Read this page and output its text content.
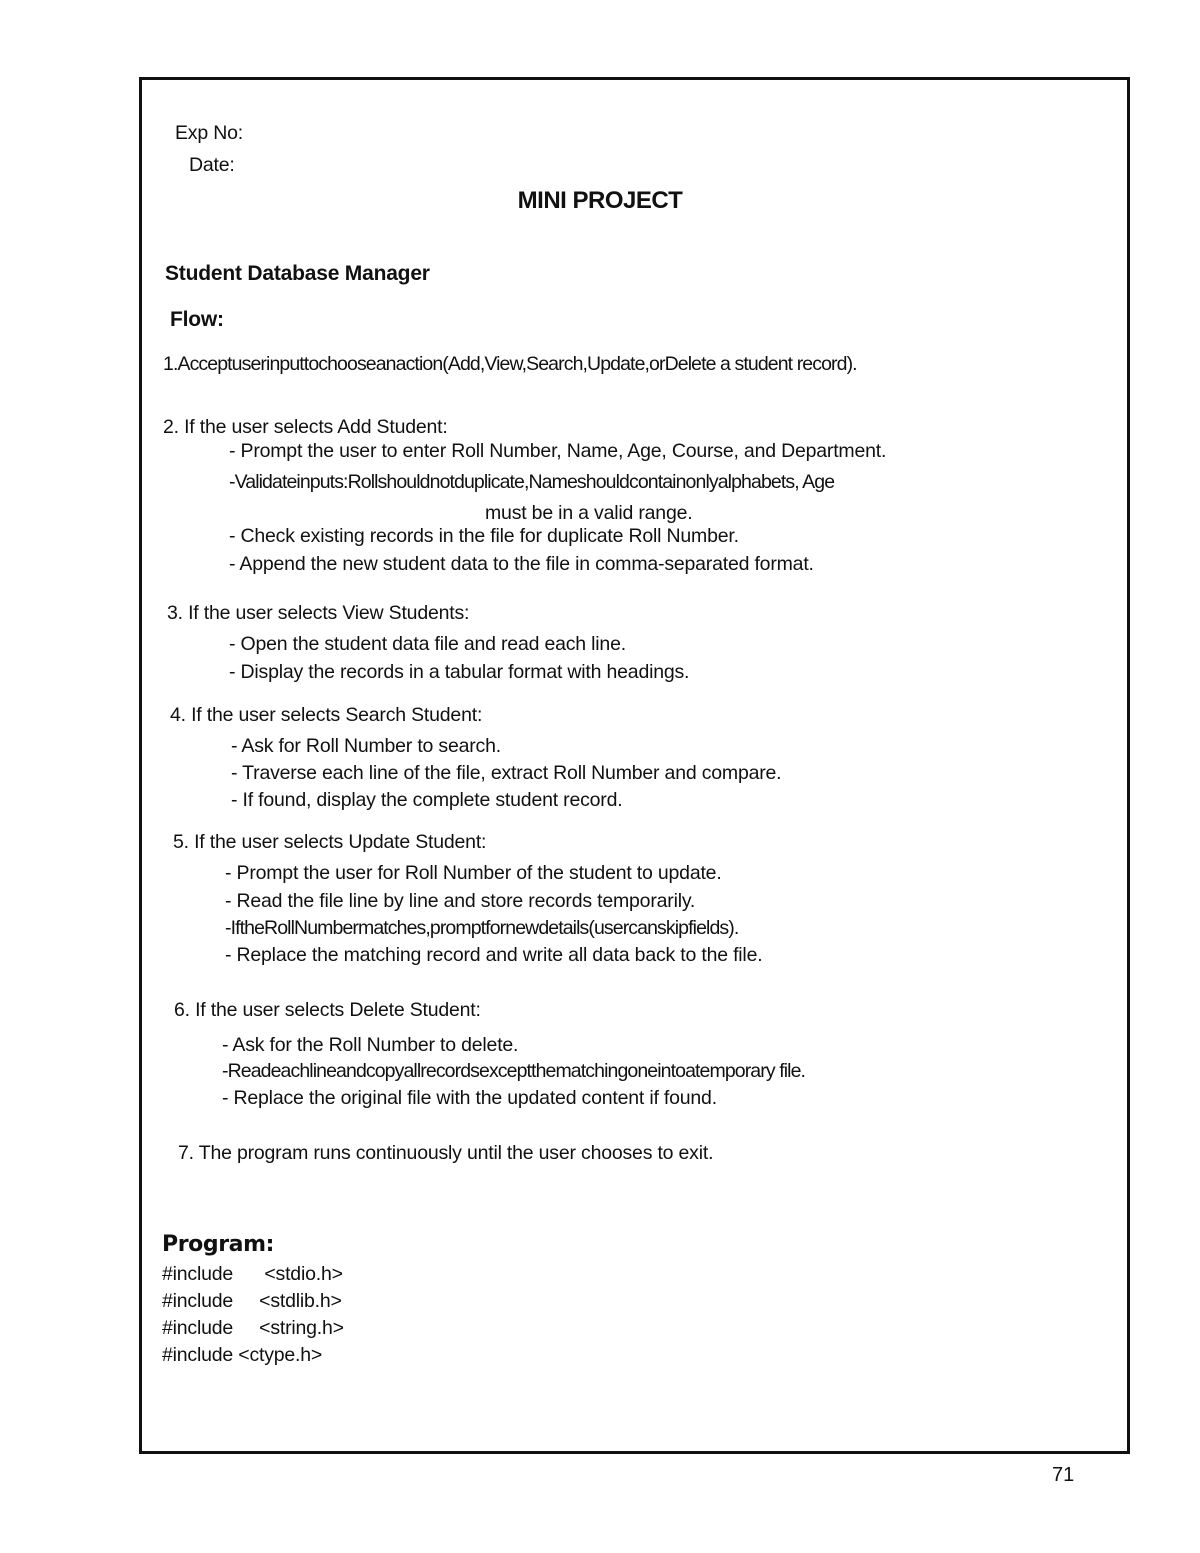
Exp No:
Date:
MINI PROJECT
Student Database Manager
Flow:
1.Acceptuserinputtochooseanaction(Add,View,Search,Update,orDelete a student record).
2. If the user selects Add Student:
- Prompt the user to enter Roll Number, Name, Age, Course, and Department.
-Validateinputs:Rollshouldnotduplicate,Nameshouldcontainonlyalphabets, Age
must be in a valid range.
- Check existing records in the file for duplicate Roll Number.
- Append the new student data to the file in comma-separated format.
3. If the user selects View Students:
- Open the student data file and read each line.
- Display the records in a tabular format with headings.
4. If the user selects Search Student:
- Ask for Roll Number to search.
- Traverse each line of the file, extract Roll Number and compare.
- If found, display the complete student record.
5. If the user selects Update Student:
- Prompt the user for Roll Number of the student to update.
- Read the file line by line and store records temporarily.
-IftheRollNumbermatches,promptfornewdetails(usercanskipfields).
- Replace the matching record and write all data back to the file.
6. If the user selects Delete Student:
- Ask for the Roll Number to delete.
-Readeachlineandcopyallrecordsexceptthematchingoneintoatemporary file.
- Replace the original file with the updated content if found.
7. The program runs continuously until the user chooses to exit.
Program:
#include      <stdio.h>
#include     <stdlib.h>
#include     <string.h>
#include <ctype.h>
71
